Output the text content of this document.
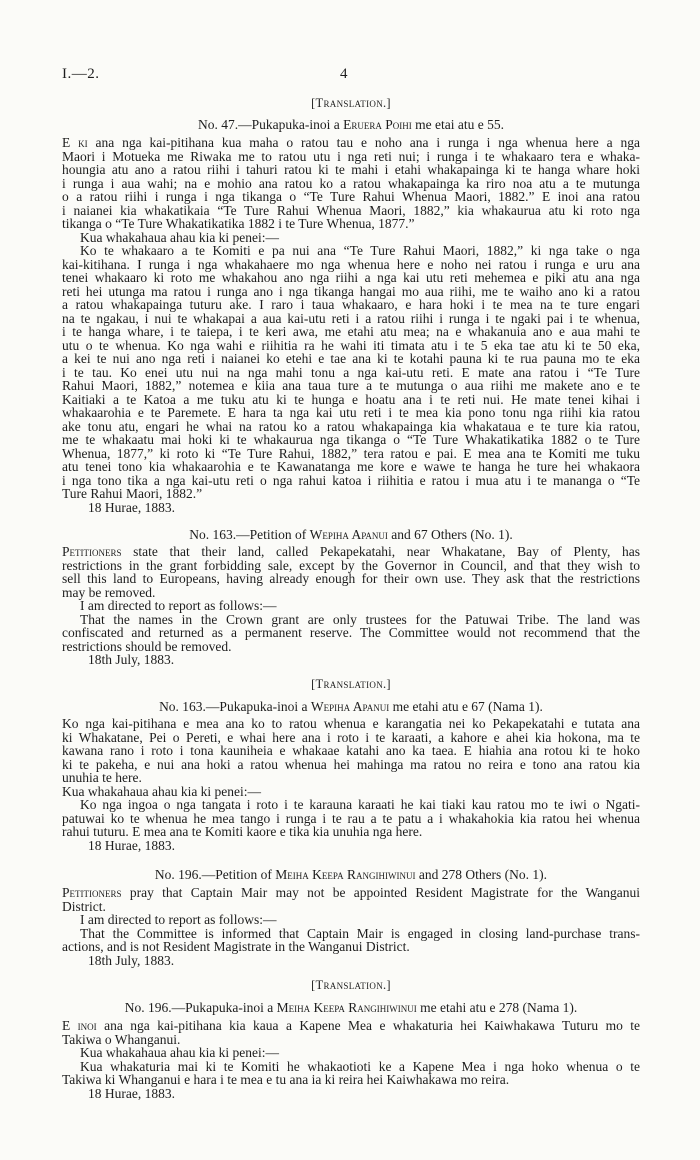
I.—2.	4
[Translation.]
No. 47.—Pukapuka-inoi a Eruera Poihi me etai atu e 55.
E ki ana nga kai-pitihana kua maha o ratou tau e noho ana i runga i nga whenua here a nga
Maori i Motueka me Riwaka me to ratou utu i nga reti nui; i runga i te whakaaro tera e whaka-
houngia atu ano a ratou riihi i tahuri ratou ki te mahi i etahi whakapainga ki te hanga whare hoki
i runga i aua wahi; na e mohio ana ratou ko a ratou whakapainga ka riro noa atu a te mutunga
o a ratou riihi i runga i nga tikanga o “Te Ture Rahui Whenua Maori, 1882.” E inoi ana ratou
i naianei kia whakatikaia “Te Ture Rahui Whenua Maori, 1882,” kia whakaurua atu ki roto nga
tikanga o “Te Ture Whakatikatika 1882 i te Ture Whenua, 1877.”
Kua whakahaua ahau kia ki penei:—
Ko te whakaaro a te Komiti e pa nui ana “Te Ture Rahui Maori, 1882,” ki nga take o nga
kai-kitihana. I runga i nga whakahaere mo nga whenua here e noho nei ratou i runga e uru ana
tenei whakaaro ki roto me whakahou ano nga riihi a nga kai utu reti mehemea e piki atu ana nga
reti hei utunga ma ratou i runga ano i nga tikanga hangai mo aua riihi, me te waiho ano ki a ratou
a ratou whakapainga tuturu ake. I raro i taua whakaaro, e hara hoki i te mea na te ture engari
na te ngakau, i nui te whakapai a aua kai-utu reti i a ratou riihi i runga i te ngaki pai i te whenua,
i te hanga whare, i te taiepa, i te keri awa, me etahi atu mea; na e whakanuia ano e aua mahi te
utu o te whenua. Ko nga wahi e riihitia ra he wahi iti timata atu i te 5 eka tae atu ki te 50 eka,
a kei te nui ano nga reti i naianei ko etehi e tae ana ki te kotahi pauna ki te rua pauna mo te eka
i te tau. Ko enei utu nui na nga mahi tonu a nga kai-utu reti. E mate ana ratou i “Te Ture
Rahui Maori, 1882,” notemea e kiia ana taua ture a te mutunga o aua riihi me makete ano e te
Kaitiaki a te Katoa a me tuku atu ki te hunga e hoatu ana i te reti nui. He mate tenei kihai i
whakaarohia e te Paremete. E hara ta nga kai utu reti i te mea kia pono tonu nga riihi kia ratou
ake tonu atu, engari he whai na ratou ko a ratou whakapainga kia whakataua e te ture kia ratou,
me te whakaatu mai hoki ki te whakaurua nga tikanga o “Te Ture Whakatikatika 1882 o te Ture
Whenua, 1877,” ki roto ki “Te Ture Rahui, 1882,” tera ratou e pai. E mea ana te Komiti me tuku
atu tenei tono kia whakaarohia e te Kawanatanga me kore e wawe te hanga he ture hei whakaora
i nga tono tika a nga kai-utu reti o nga rahui katoa i riihitia e ratou i mua atu i te mananga o “Te
Ture Rahui Maori, 1882.”
18 Hurae, 1883.
No. 163.—Petition of Wepiha Apanui and 67 Others (No. 1).
Petitioners state that their land, called Pekapekatahi, near Whakatane, Bay of Plenty, has
restrictions in the grant forbidding sale, except by the Governor in Council, and that they wish to
sell this land to Europeans, having already enough for their own use. They ask that the restrictions
may be removed.
I am directed to report as follows:—
That the names in the Crown grant are only trustees for the Patuwai Tribe. The land was
confiscated and returned as a permanent reserve. The Committee would not recommend that the
restrictions should be removed.
18th July, 1883.
[Translation.]
No. 163.—Pukapuka-inoi a Wepiha Apanui me etahi atu e 67 (Nama 1).
Ko nga kai-pitihana e mea ana ko to ratou whenua e karangatia nei ko Pekapekatahi e tutata ana
ki Whakatane, Pei o Pereti, e whai here ana i roto i te karaati, a kahore e ahei kia hokona, ma te
kawana rano i roto i tona kauniheia e whakaae katahi ano ka taea. E hiahia ana rotou ki te hoko
ki te pakeha, e nui ana hoki a ratou whenua hei mahinga ma ratou no reira e tono ana ratou kia
unuhia te here.
Kua whakahaua ahau kia ki penei:—
Ko nga ingoa o nga tangata i roto i te karauna karaati he kai tiaki kau ratou mo te iwi o Ngati-
patuwai ko te whenua he mea tango i runga i te rau a te patu a i whakahokia kia ratou hei whenua
rahui tuturu. E mea ana te Komiti kaore e tika kia unuhia nga here.
18 Hurae, 1883.
No. 196.—Petition of Meiha Keepa Rangihiwinui and 278 Others (No. 1).
Petitioners pray that Captain Mair may not be appointed Resident Magistrate for the Wanganui
District.
I am directed to report as follows:—
That the Committee is informed that Captain Mair is engaged in closing land-purchase trans-
actions, and is not Resident Magistrate in the Wanganui District.
18th July, 1883.
[Translation.]
No. 196.—Pukapuka-inoi a Meiha Keepa Rangihiwinui me etahi atu e 278 (Nama 1).
E inoi ana nga kai-pitihana kia kaua a Kapene Mea e whakaturia hei Kaiwhakawa Tuturu mo te
Takiwa o Whanganui.
Kua whakahaua ahau kia ki penei:—
Kua whakaturia mai ki te Komiti he whakaotioti ke a Kapene Mea i nga hoko whenua o te
Takiwa ki Whanganui e hara i te mea e tu ana ia ki reira hei Kaiwhakawa mo reira.
18 Hurae, 1883.
